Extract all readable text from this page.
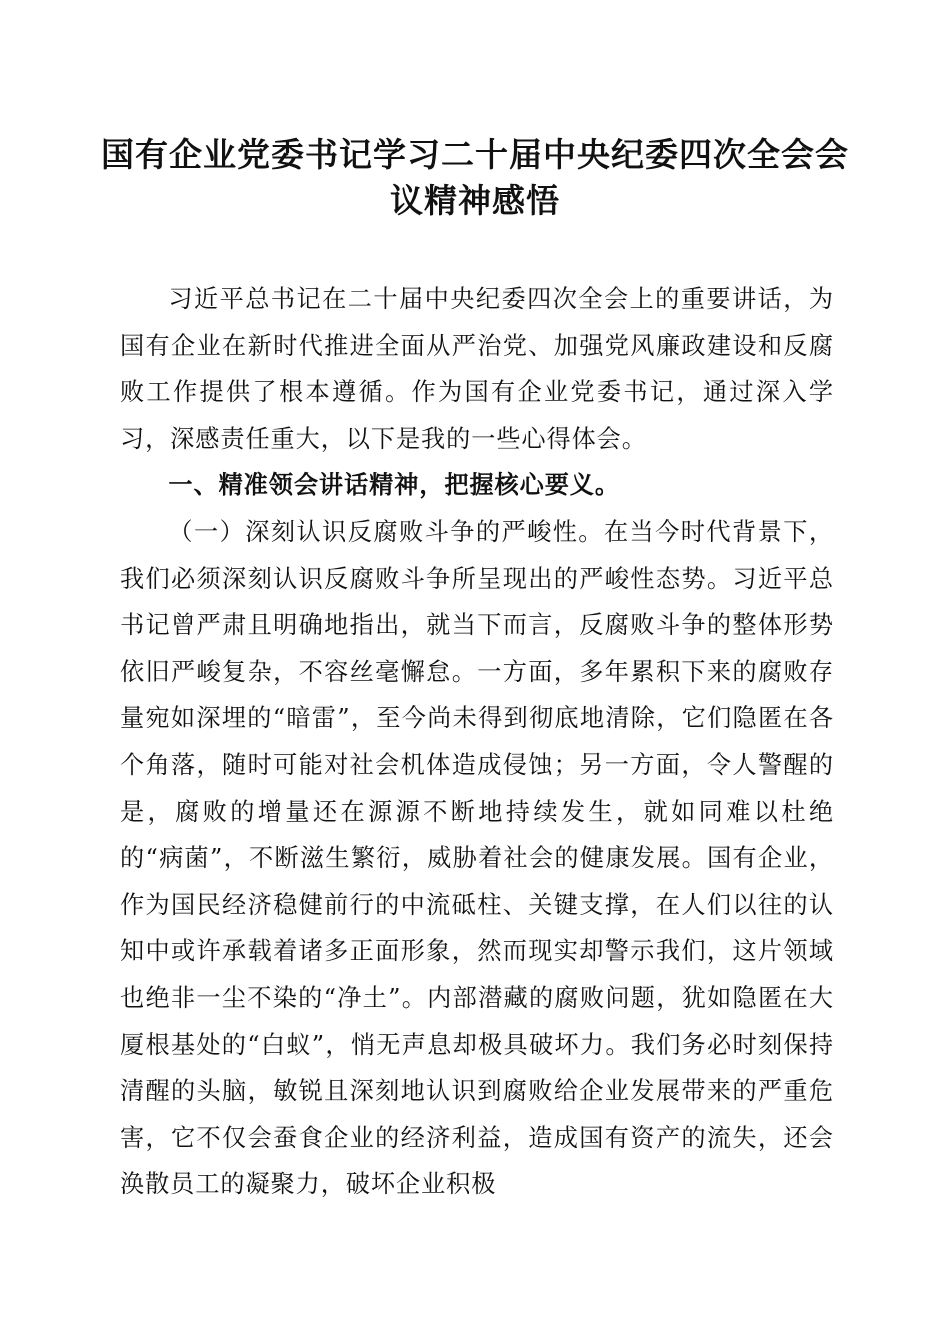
国有企业党委书记学习二十届中央纪委四次全会会议精神感悟

习近平总书记在二十届中央纪委四次全会上的重要讲话，为国有企业在新时代推进全面从严治党、加强党风廉政建设和反腐败工作提供了根本遵循。作为国有企业党委书记，通过深入学习，深感责任重大，以下是我的一些心得体会。

一、精准领会讲话精神，把握核心要义。

（一）深刻认识反腐败斗争的严峻性。在当今时代背景下，我们必须深刻认识反腐败斗争所呈现出的严峻性态势。习近平总书记曾严肃且明确地指出，就当下而言，反腐败斗争的整体形势依旧严峻复杂，不容丝毫懈怠。一方面，多年累积下来的腐败存量宛如深埋的“暗雷”，至今尚未得到彻底地清除，它们隐匿在各个角落，随时可能对社会机体造成侵蚀；另一方面，令人警醒的是，腐败的增量还在源源不断地持续发生，就如同难以杜绝的“病菌”，不断滋生繁衍，威胁着社会的健康发展。国有企业，作为国民经济稳健前行的中流砥柱、关键支撑，在人们以往的认知中或许承载着诸多正面形象，然而现实却警示我们，这片领域也绝非一尘不染的“净土”。内部潜藏的腐败问题，犹如隐匿在大厦根基处的“白蚁”，悄无声息却极具破坏力。我们务必时刻保持清醒的头脑，敏锐且深刻地认识到腐败给企业发展带来的严重危害，它不仅会蚕食企业的经济利益，造成国有资产的流失，还会涣散员工的凝聚力，破坏企业积极
